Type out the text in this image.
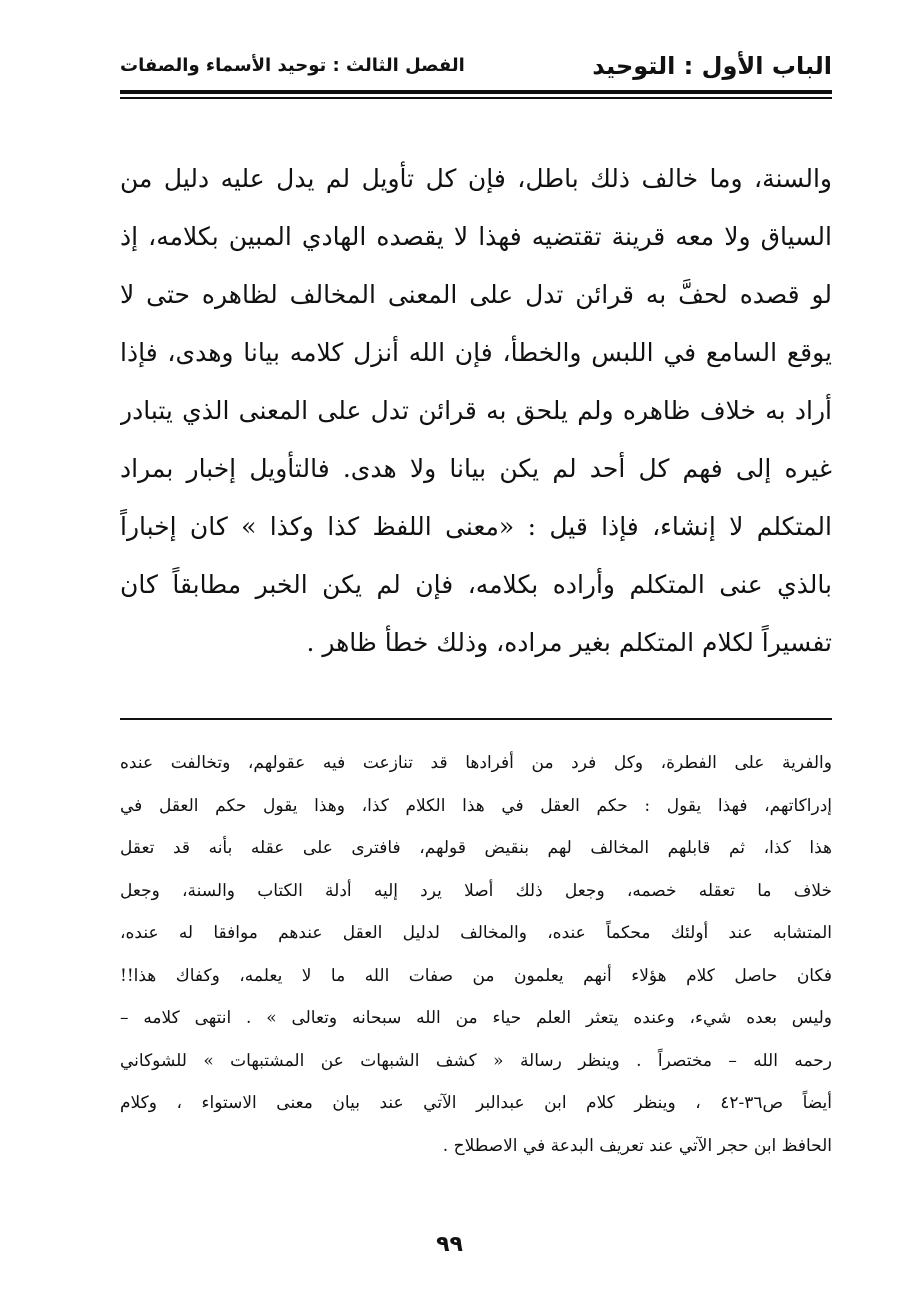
الباب الأول : التوحيد
الفصل الثالث : توحيد الأسماء والصفات
والسنة، وما خالف ذلك باطل، فإن كل تأويل لم يدل عليه دليل من
السياق ولا معه قرينة تقتضيه فهذا لا يقصده الهادي المبين بكلامه، إذ
لو قصده لحفَّ به قرائن تدل على المعنى المخالف لظاهره حتى لا
يوقع السامع في اللبس والخطأ، فإن الله أنزل كلامه بيانا وهدى، فإذا
أراد به خلاف ظاهره ولم يلحق به قرائن تدل على المعنى الذي يتبادر
غيره إلى فهم كل أحد لم يكن بيانا ولا هدى. فالتأويل إخبار بمراد
المتكلم لا إنشاء، فإذا قيل : «معنى اللفظ كذا وكذا » كان إخباراً
بالذي عنى المتكلم وأراده بكلامه، فإن لم يكن الخبر مطابقاً كان
تفسيراً لكلام المتكلم بغير مراده، وذلك خطأ ظاهر .
والفرية على الفطرة، وكل فرد من أفرادها قد تنازعت فيه عقولهم، وتخالفت عنده
إدراكاتهم، فهذا يقول : حكم العقل في هذا الكلام كذا، وهذا يقول حكم العقل في
هذا كذا، ثم قابلهم المخالف لهم بنقيض قولهم، فافترى على عقله بأنه قد تعقل
خلاف ما تعقله خصمه، وجعل ذلك أصلا يرد إليه أدلة الكتاب والسنة، وجعل
المتشابه عند أولئك محكماً عنده، والمخالف لدليل العقل عندهم موافقا له عنده،
فكان حاصل كلام هؤلاء أنهم يعلمون من صفات الله ما لا يعلمه، وكفاك هذا!!
وليس بعده شيء، وعنده يتعثر العلم حياء من الله سبحانه وتعالى » . انتهى كلامه –
رحمه الله – مختصراً . وينظر رسالة « كشف الشبهات عن المشتبهات » للشوكاني
أيضاً ص٣٦-٤٢ ، وينظر كلام ابن عبدالبر الآتي عند بيان معنى الاستواء ، وكلام
الحافظ ابن حجر الآتي عند تعريف البدعة في الاصطلاح .
٩٩
